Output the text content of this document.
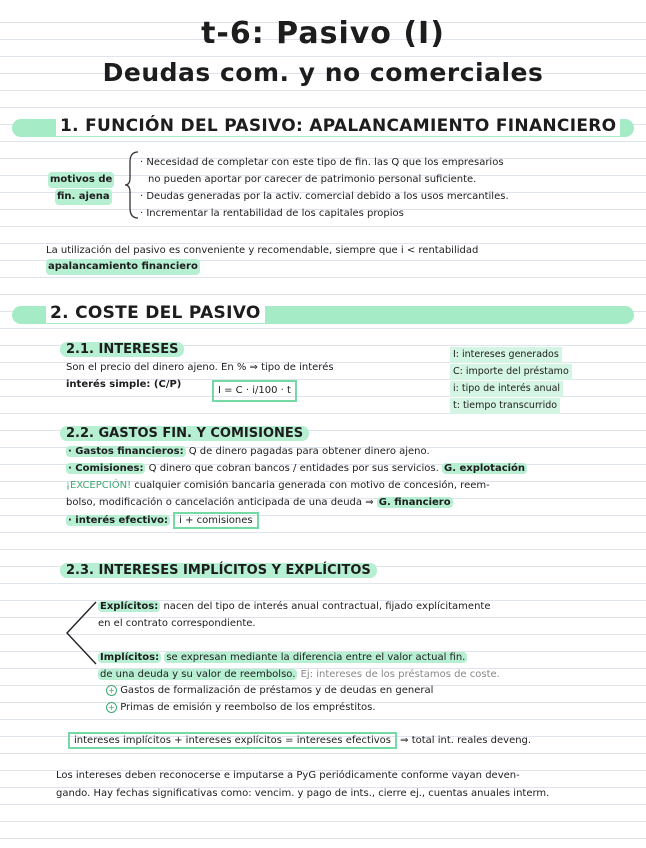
t-6: Pasivo (I)
Deudas com. y no comerciales
1. FUNCIÓN DEL PASIVO: APALANCAMIENTO FINANCIERO
motivos de
fin. ajena
· Necesidad de completar con este tipo de fin. las Q que los empresarios
no pueden aportar por carecer de patrimonio personal suficiente.
· Deudas generadas por la activ. comercial debido a los usos mercantiles.
· Incrementar la rentabilidad de los capitales propios
La utilización del pasivo es conveniente y recomendable, siempre que i < rentabilidad
apalancamiento financiero
2. COSTE DEL PASIVO
2.1. INTERESES
Son el precio del dinero ajeno. En % ⇒ tipo de interés
interés simple: (C/P)
I = C · i/100 · t
I: intereses generados
C: importe del préstamo
i: tipo de interés anual
t: tiempo transcurrido
2.2. GASTOS FIN. Y COMISIONES
· Gastos financieros: Q de dinero pagadas para obtener dinero ajeno.
· Comisiones: Q dinero que cobran bancos / entidades por sus servicios. G. explotación
¡EXCEPCIÓN! cualquier comisión bancaria generada con motivo de concesión, reem-
bolso, modificación o cancelación anticipada de una deuda ⇒ G. financiero
· interés efectivo: i + comisiones
2.3. INTERESES IMPLÍCITOS Y EXPLÍCITOS
Explícitos: nacen del tipo de interés anual contractual, fijado explícitamente
en el contrato correspondiente.
Implícitos: se expresan mediante la diferencia entre el valor actual fin.
de una deuda y su valor de reembolso. Ej: intereses de los préstamos de coste.
+ Gastos de formalización de préstamos y de deudas en general
+ Primas de emisión y reembolso de los empréstitos.
intereses implícitos + intereses explícitos = intereses efectivos ⇒ total int. reales deveng.
Los intereses deben reconocerse e imputarse a PyG periódicamente conforme vayan deven-
gando. Hay fechas significativas como: vencim. y pago de ints., cierre ej., cuentas anuales interm.
